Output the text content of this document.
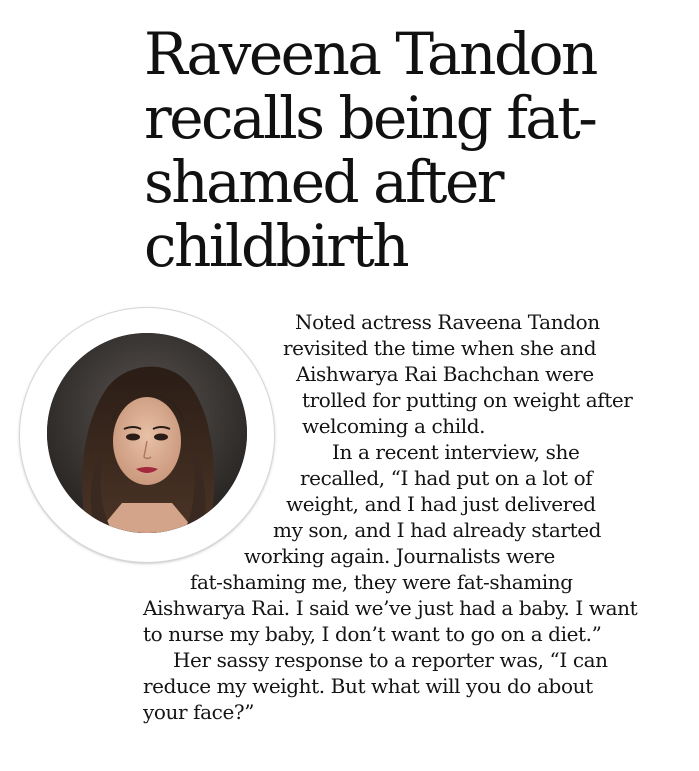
Raveena Tandon
recalls being fat-
shamed after
childbirth
Noted actress Raveena Tandon
revisited the time when she and
Aishwarya Rai Bachchan were
trolled for putting on weight after
welcoming a child.
In a recent interview, she
recalled, “I had put on a lot of
weight, and I had just delivered
my son, and I had already started
working again. Journalists were
fat-shaming me, they were fat-shaming
Aishwarya Rai. I said we’ve just had a baby. I want
to nurse my baby, I don’t want to go on a diet.”
Her sassy response to a reporter was, “I can
reduce my weight. But what will you do about
your face?”
